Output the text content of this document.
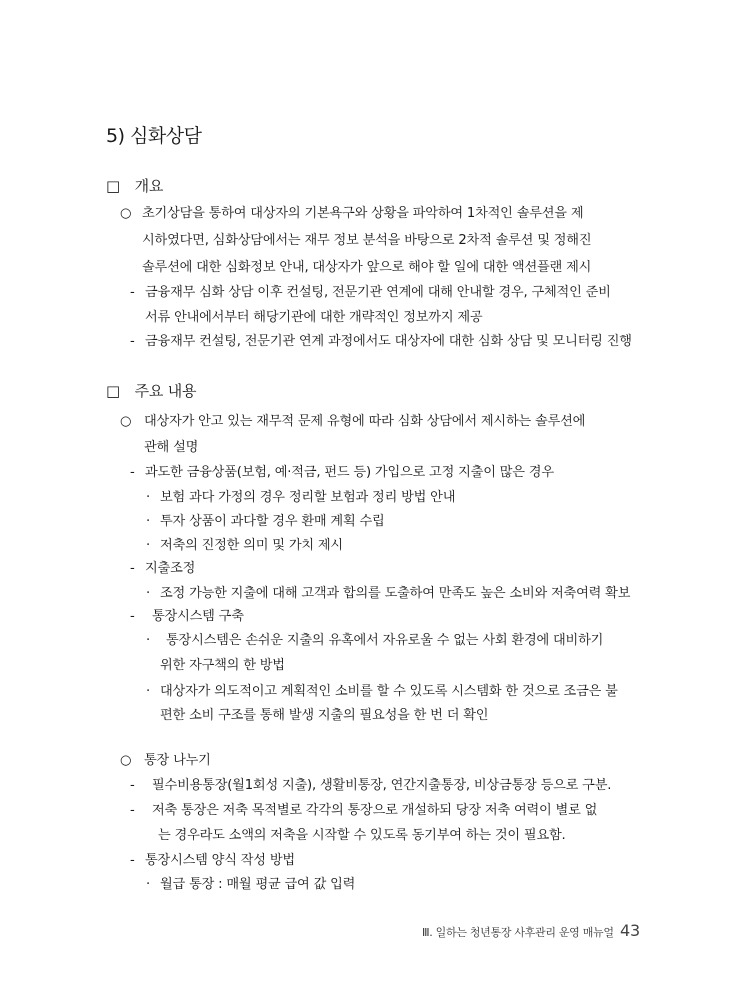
5) 심화상담
□ 개요
○ 초기상담을 통하여 대상자의 기본욕구와 상황을 파악하여 1차적인 솔루션을 제
시하였다면, 심화상담에서는 재무 정보 분석을 바탕으로 2차적 솔루션 및 정해진
솔루션에 대한 심화정보 안내, 대상자가 앞으로 해야 할 일에 대한 액션플랜 제시
- 금융재무 심화 상담 이후 컨설팅, 전문기관 연계에 대해 안내할 경우, 구체적인 준비
서류 안내에서부터 해당기관에 대한 개략적인 정보까지 제공
- 금융재무 컨설팅, 전문기관 연계 과정에서도 대상자에 대한 심화 상담 및 모니터링 진행
□ 주요 내용
○ 대상자가 안고 있는 재무적 문제 유형에 따라 심화 상담에서 제시하는 솔루션에
관해 설명
- 과도한 금융상품(보험, 예·적금, 펀드 등) 가입으로 고정 지출이 많은 경우
· 보험 과다 가정의 경우 정리할 보험과 정리 방법 안내
· 투자 상품이 과다할 경우 환매 계획 수립
· 저축의 진정한 의미 및 가치 제시
- 지출조정
· 조정 가능한 지출에 대해 고객과 합의를 도출하여 만족도 높은 소비와 저축여력 확보
- 통장시스템 구축
· 통장시스템은 손쉬운 지출의 유혹에서 자유로울 수 없는 사회 환경에 대비하기
위한 자구책의 한 방법
· 대상자가 의도적이고 계획적인 소비를 할 수 있도록 시스템화 한 것으로 조금은 불
편한 소비 구조를 통해 발생 지출의 필요성을 한 번 더 확인
○ 통장 나누기
- 필수비용통장(월1회성 지출), 생활비통장, 연간지출통장, 비상금통장 등으로 구분.
- 저축 통장은 저축 목적별로 각각의 통장으로 개설하되 당장 저축 여력이 별로 없
는 경우라도 소액의 저축을 시작할 수 있도록 동기부여 하는 것이 필요함.
- 통장시스템 양식 작성 방법
· 월급 통장 : 매월 평균 급여 값 입력
Ⅲ. 일하는 청년통장 사후관리 운영 매뉴얼 43
